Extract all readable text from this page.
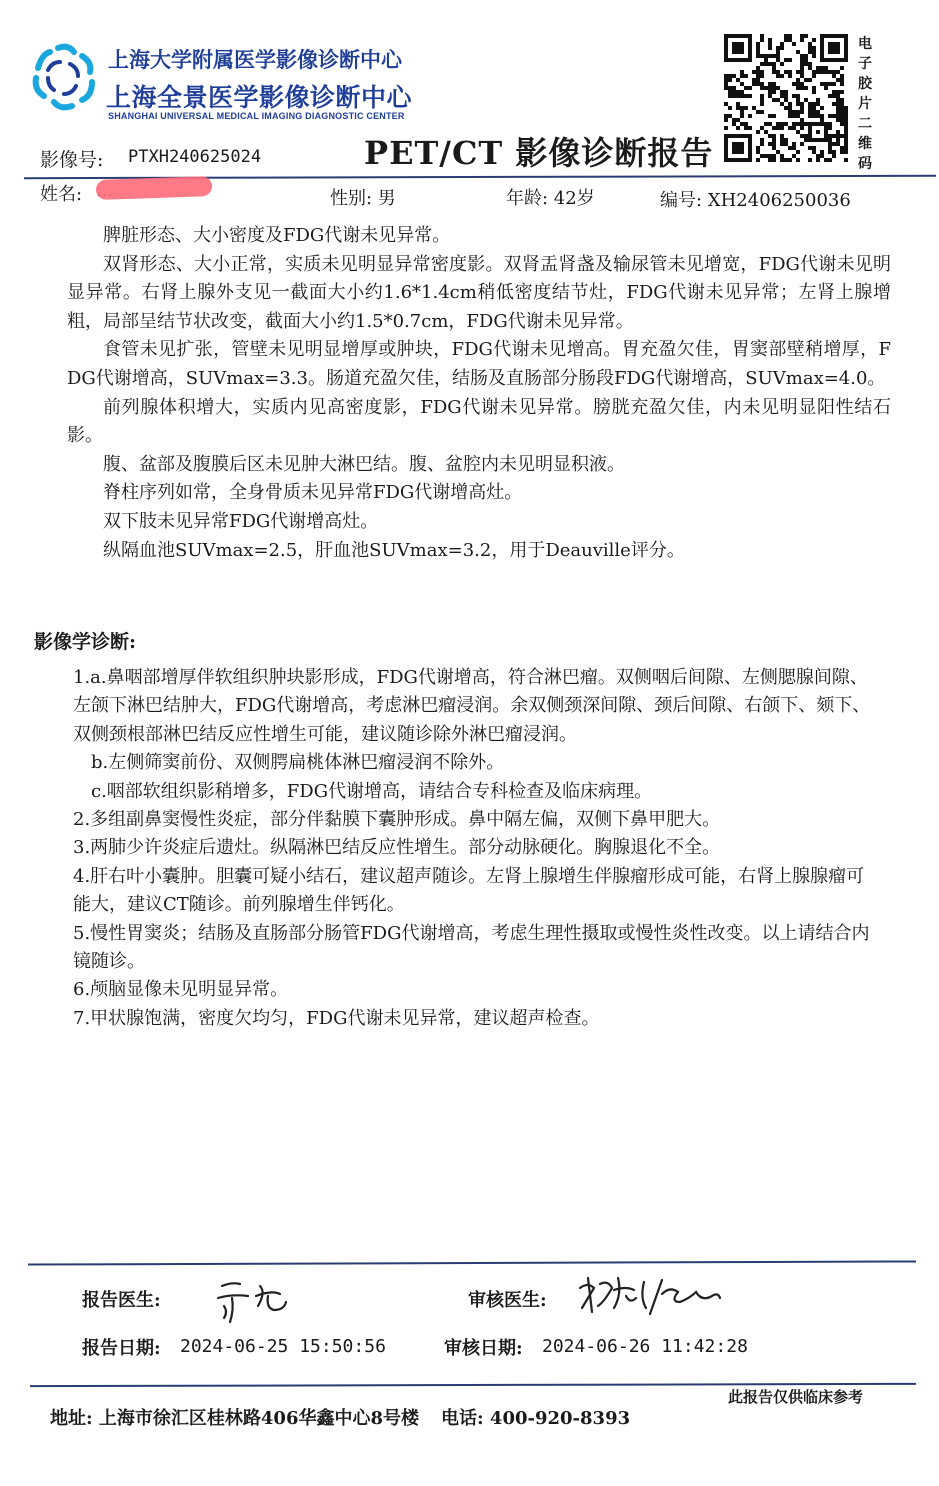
上海大学附属医学影像诊断中心
上海全景医学影像诊断中心
SHANGHAI UNIVERSAL MEDICAL IMAGING DIAGNOSTIC CENTER
电子胶片二维码
影像号: PTXH240625024	PET/CT 影像诊断报告
姓名:	性别: 男	年龄: 42岁	编号: XH2406250036

脾脏形态、大小密度及FDG代谢未见异常。

双肾形态、大小正常，实质未见明显异常密度影。双肾盂肾盏及输尿管未见增宽，FDG代谢未见明显异常。右肾上腺外支见一截面大小约1.6*1.4cm稍低密度结节灶，FDG代谢未见异常；左肾上腺增粗，局部呈结节状改变，截面大小约1.5*0.7cm，FDG代谢未见异常。

食管未见扩张，管壁未见明显增厚或肿块，FDG代谢未见增高。胃充盈欠佳，胃窦部壁稍增厚，FDG代谢增高，SUVmax=3.3。肠道充盈欠佳，结肠及直肠部分肠段FDG代谢增高，SUVmax=4.0。

前列腺体积增大，实质内见高密度影，FDG代谢未见异常。膀胱充盈欠佳，内未见明显阳性结石影。

腹、盆部及腹膜后区未见肿大淋巴结。腹、盆腔内未见明显积液。

脊柱序列如常，全身骨质未见异常FDG代谢增高灶。

双下肢未见异常FDG代谢增高灶。

纵隔血池SUVmax=2.5，肝血池SUVmax=3.2，用于Deauville评分。

影像学诊断:

1.a.鼻咽部增厚伴软组织肿块影形成，FDG代谢增高，符合淋巴瘤。双侧咽后间隙、左侧腮腺间隙、左颌下淋巴结肿大，FDG代谢增高，考虑淋巴瘤浸润。余双侧颈深间隙、颈后间隙、右颌下、颏下、双侧颈根部淋巴结反应性增生可能，建议随诊除外淋巴瘤浸润。

b.左侧筛窦前份、双侧腭扁桃体淋巴瘤浸润不除外。

c.咽部软组织影稍增多，FDG代谢增高，请结合专科检查及临床病理。

2.多组副鼻窦慢性炎症，部分伴黏膜下囊肿形成。鼻中隔左偏，双侧下鼻甲肥大。

3.两肺少许炎症后遗灶。纵隔淋巴结反应性增生。部分动脉硬化。胸腺退化不全。

4.肝右叶小囊肿。胆囊可疑小结石，建议超声随诊。左肾上腺增生伴腺瘤形成可能，右肾上腺腺瘤可能大，建议CT随诊。前列腺增生伴钙化。

5.慢性胃窦炎；结肠及直肠部分肠管FDG代谢增高，考虑生理性摄取或慢性炎性改变。以上请结合内镜随诊。

6.颅脑显像未见明显异常。

7.甲状腺饱满，密度欠均匀，FDG代谢未见异常，建议超声检查。

报告医生:	审核医生:
报告日期: 2024-06-25 15:50:56	审核日期: 2024-06-26 11:42:28
此报告仅供临床参考
地址: 上海市徐汇区桂林路406华鑫中心8号楼 电话: 400-920-8393
